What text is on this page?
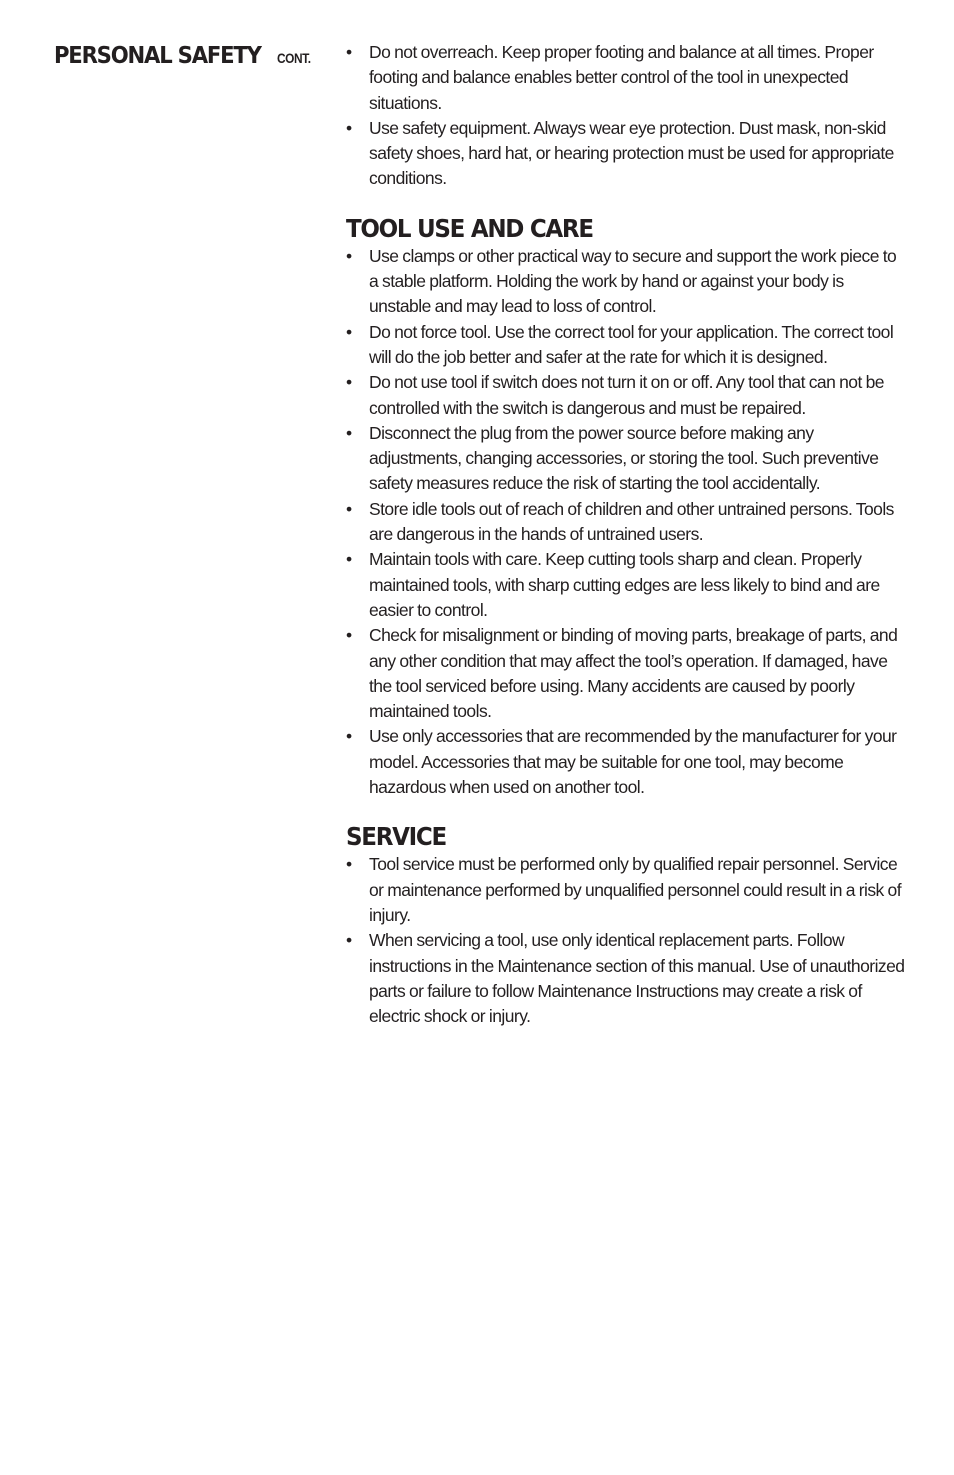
PERSONAL SAFETY CONT.	• Do not overreach. Keep proper footing and balance at all times. Proper footing and balance enables better control of the tool in unexpected situations.
• Use safety equipment. Always wear eye protection. Dust mask, non-skid safety shoes, hard hat, or hearing protection must be used for appropriate conditions.
TOOL USE AND CARE
• Use clamps or other practical way to secure and support the work piece to a stable platform. Holding the work by hand or against your body is unstable and may lead to loss of control.
• Do not force tool. Use the correct tool for your application. The correct tool will do the job better and safer at the rate for which it is designed.
• Do not use tool if switch does not turn it on or off. Any tool that can not be controlled with the switch is dangerous and must be repaired.
• Disconnect the plug from the power source before making any adjustments, changing accessories, or storing the tool. Such preventive safety measures reduce the risk of starting the tool accidentally.
• Store idle tools out of reach of children and other untrained persons. Tools are dangerous in the hands of untrained users.
• Maintain tools with care. Keep cutting tools sharp and clean. Properly maintained tools, with sharp cutting edges are less likely to bind and are easier to control.
• Check for misalignment or binding of moving parts, breakage of parts, and any other condition that may affect the tool’s operation. If damaged, have the tool serviced before using. Many accidents are caused by poorly maintained tools.
• Use only accessories that are recommended by the manufacturer for your model. Accessories that may be suitable for one tool, may become hazardous when used on another tool.
SERVICE
• Tool service must be performed only by qualified repair personnel. Service or maintenance performed by unqualified personnel could result in a risk of injury.
• When servicing a tool, use only identical replacement parts. Follow instructions in the Maintenance section of this manual. Use of unauthorized parts or failure to follow Maintenance Instructions may create a risk of electric shock or injury.
